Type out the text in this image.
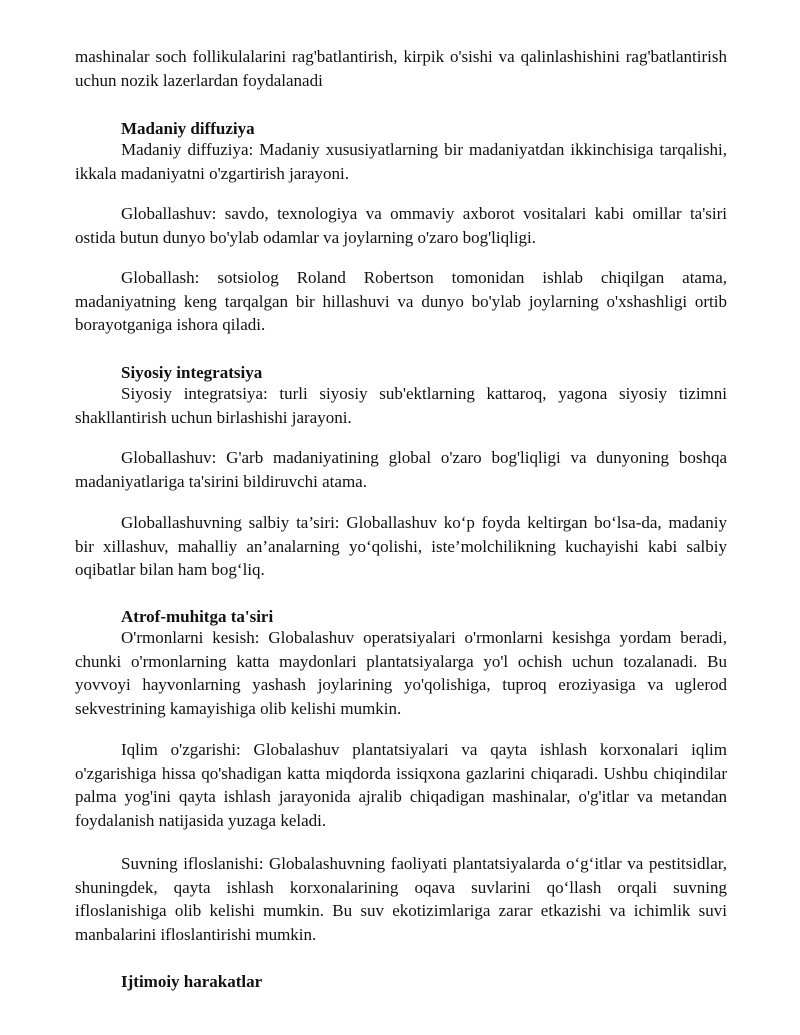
mashinalar soch follikulalarini rag'batlantirish, kirpik o'sishi va qalinlashishini rag'batlantirish uchun nozik lazerlardan foydalanadi

Madaniy diffuziya

Madaniy diffuziya: Madaniy xususiyatlarning bir madaniyatdan ikkinchisiga tarqalishi, ikkala madaniyatni o'zgartirish jarayoni.

Globallashuv: savdo, texnologiya va ommaviy axborot vositalari kabi omillar ta'siri ostida butun dunyo bo'ylab odamlar va joylarning o'zaro bog'liqligi.

Globallash: sotsiolog Roland Robertson tomonidan ishlab chiqilgan atama, madaniyatning keng tarqalgan bir hillashuvi va dunyo bo'ylab joylarning o'xshashligi ortib borayotganiga ishora qiladi.

Siyosiy integratsiya

Siyosiy integratsiya: turli siyosiy sub'ektlarning kattaroq, yagona siyosiy tizimni shakllantirish uchun birlashishi jarayoni.

Globallashuv: G'arb madaniyatining global o'zaro bog'liqligi va dunyoning boshqa madaniyatlariga ta'sirini bildiruvchi atama.

Globallashuvning salbiy ta’siri: Globallashuv ko‘p foyda keltirgan bo‘lsa-da, madaniy bir xillashuv, mahalliy an’analarning yo‘qolishi, iste’molchilikning kuchayishi kabi salbiy oqibatlar bilan ham bog‘liq.

Atrof-muhitga ta'siri

O'rmonlarni kesish: Globalashuv operatsiyalari o'rmonlarni kesishga yordam beradi, chunki o'rmonlarning katta maydonlari plantatsiyalarga yo'l ochish uchun tozalanadi. Bu yovvoyi hayvonlarning yashash joylarining yo'qolishiga, tuproq eroziyasiga va uglerod sekvestrining kamayishiga olib kelishi mumkin.

Iqlim o'zgarishi: Globalashuv plantatsiyalari va qayta ishlash korxonalari iqlim o'zgarishiga hissa qo'shadigan katta miqdorda issiqxona gazlarini chiqaradi. Ushbu chiqindilar palma yog'ini qayta ishlash jarayonida ajralib chiqadigan mashinalar, o'g'itlar va metandan foydalanish natijasida yuzaga keladi.

Suvning ifloslanishi: Globalashuvning faoliyati plantatsiyalarda o‘g‘itlar va pestitsidlar, shuningdek, qayta ishlash korxonalarining oqava suvlarini qo‘llash orqali suvning ifloslanishiga olib kelishi mumkin. Bu suv ekotizimlariga zarar etkazishi va ichimlik suvi manbalarini ifloslantirishi mumkin.

Ijtimoiy harakatlar
